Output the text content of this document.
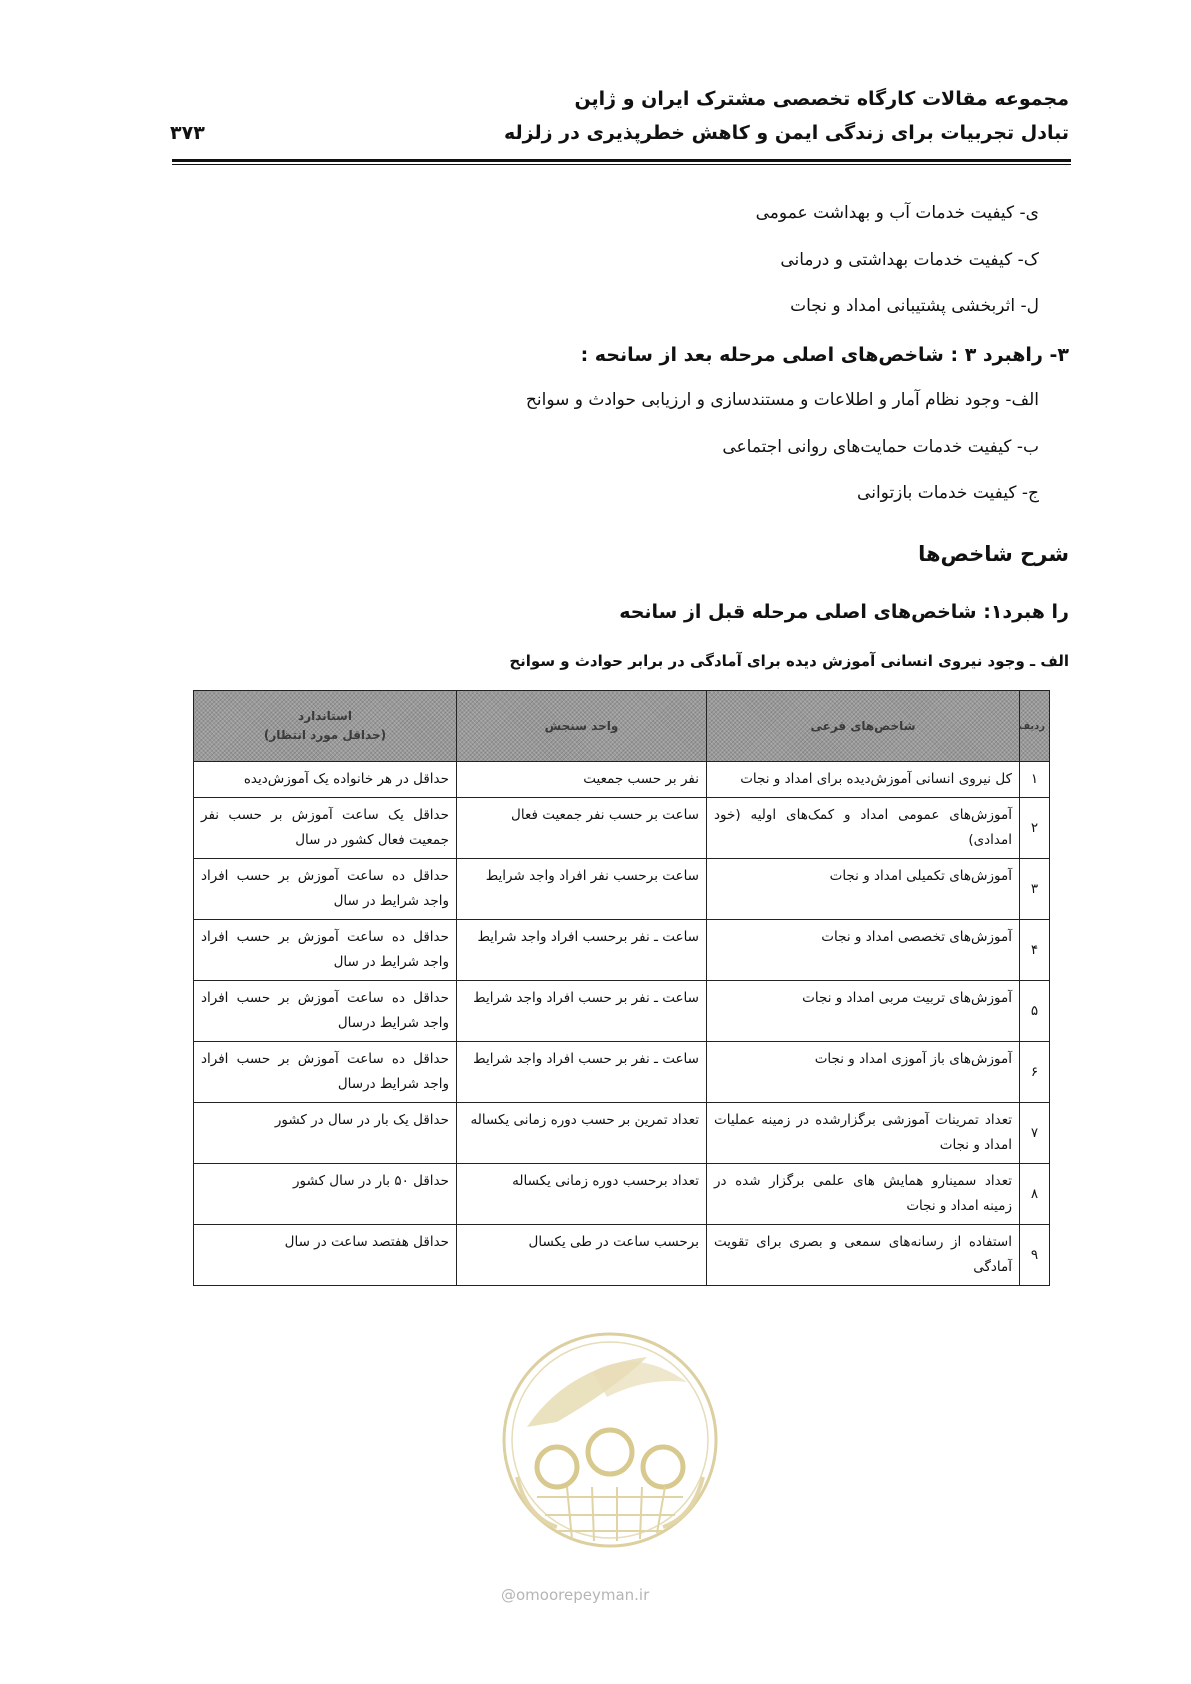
مجموعه مقالات کارگاه تخصصی مشترک ایران و ژاپن
تبادل تجربیات برای زندگی ایمن و کاهش خطرپذیری در زلزله
۳۷۳
ی- کیفیت خدمات آب و بهداشت عمومی
ک- کیفیت خدمات بهداشتی و درمانی
ل- اثربخشی پشتیبانی امداد و نجات
۳- راهبرد ۳ : شاخص‌های اصلی مرحله بعد از سانحه :
الف- وجود نظام آمار و اطلاعات و مستندسازی و ارزیابی حوادث و سوانح
ب- کیفیت خدمات حمایت‌های روانی اجتماعی
ج- کیفیت خدمات بازتوانی
شرح شاخص‌ها
را هبرد۱: شاخص‌های اصلی مرحله قبل از سانحه
الف ـ وجود نیروی انسانی آموزش دیده برای آمادگی در برابر حوادث و سوانح
ردیف	شاخص‌های فرعی	واحد سنجش	استاندارد
(حداقل مورد انتظار)

۱	کل نیروی انسانی آموزش‌دیده برای امداد و نجات	نفر بر حسب جمعیت	حداقل در هر خانواده یک آموزش‌دیده
۲	آموزش‌های عمومی امداد و کمک‌های اولیه (خود امدادی)	ساعت بر حسب نفر جمعیت فعال	حداقل یک ساعت آموزش بر حسب نفر جمعیت فعال کشور در سال
۳	آموزش‌های تکمیلی امداد و نجات	ساعت برحسب نفر افراد واجد شرایط	حداقل ده ساعت آموزش بر حسب افراد واجد شرایط در سال
۴	آموزش‌های تخصصی امداد و نجات	ساعت ـ نفر برحسب افراد واجد شرایط	حداقل ده ساعت آموزش بر حسب افراد واجد شرایط در سال
۵	آموزش‌های تربیت مربی امداد و نجات	ساعت ـ نفر بر حسب افراد واجد شرایط	حداقل ده ساعت آموزش بر حسب افراد واجد شرایط درسال
۶	آموزش‌های باز آموزی امداد و نجات	ساعت ـ نفر بر حسب افراد واجد شرایط	حداقل ده ساعت آموزش بر حسب افراد واجد شرایط درسال
۷	تعداد تمرینات آموزشی برگزارشده در زمینه عملیات امداد و نجات	تعداد تمرین بر حسب دوره زمانی یکساله	حداقل یک بار در سال در کشور
۸	تعداد سمینارو همایش های علمی برگزار شده در زمینه امداد و نجات	تعداد برحسب دوره زمانی یکساله	حداقل ۵۰ بار در سال کشور
۹	استفاده از رسانه‌های سمعی و بصری برای تقویت آمادگی	برحسب ساعت در طی یکسال	حداقل هفتصد ساعت در سال
@omoorepeyman.ir
